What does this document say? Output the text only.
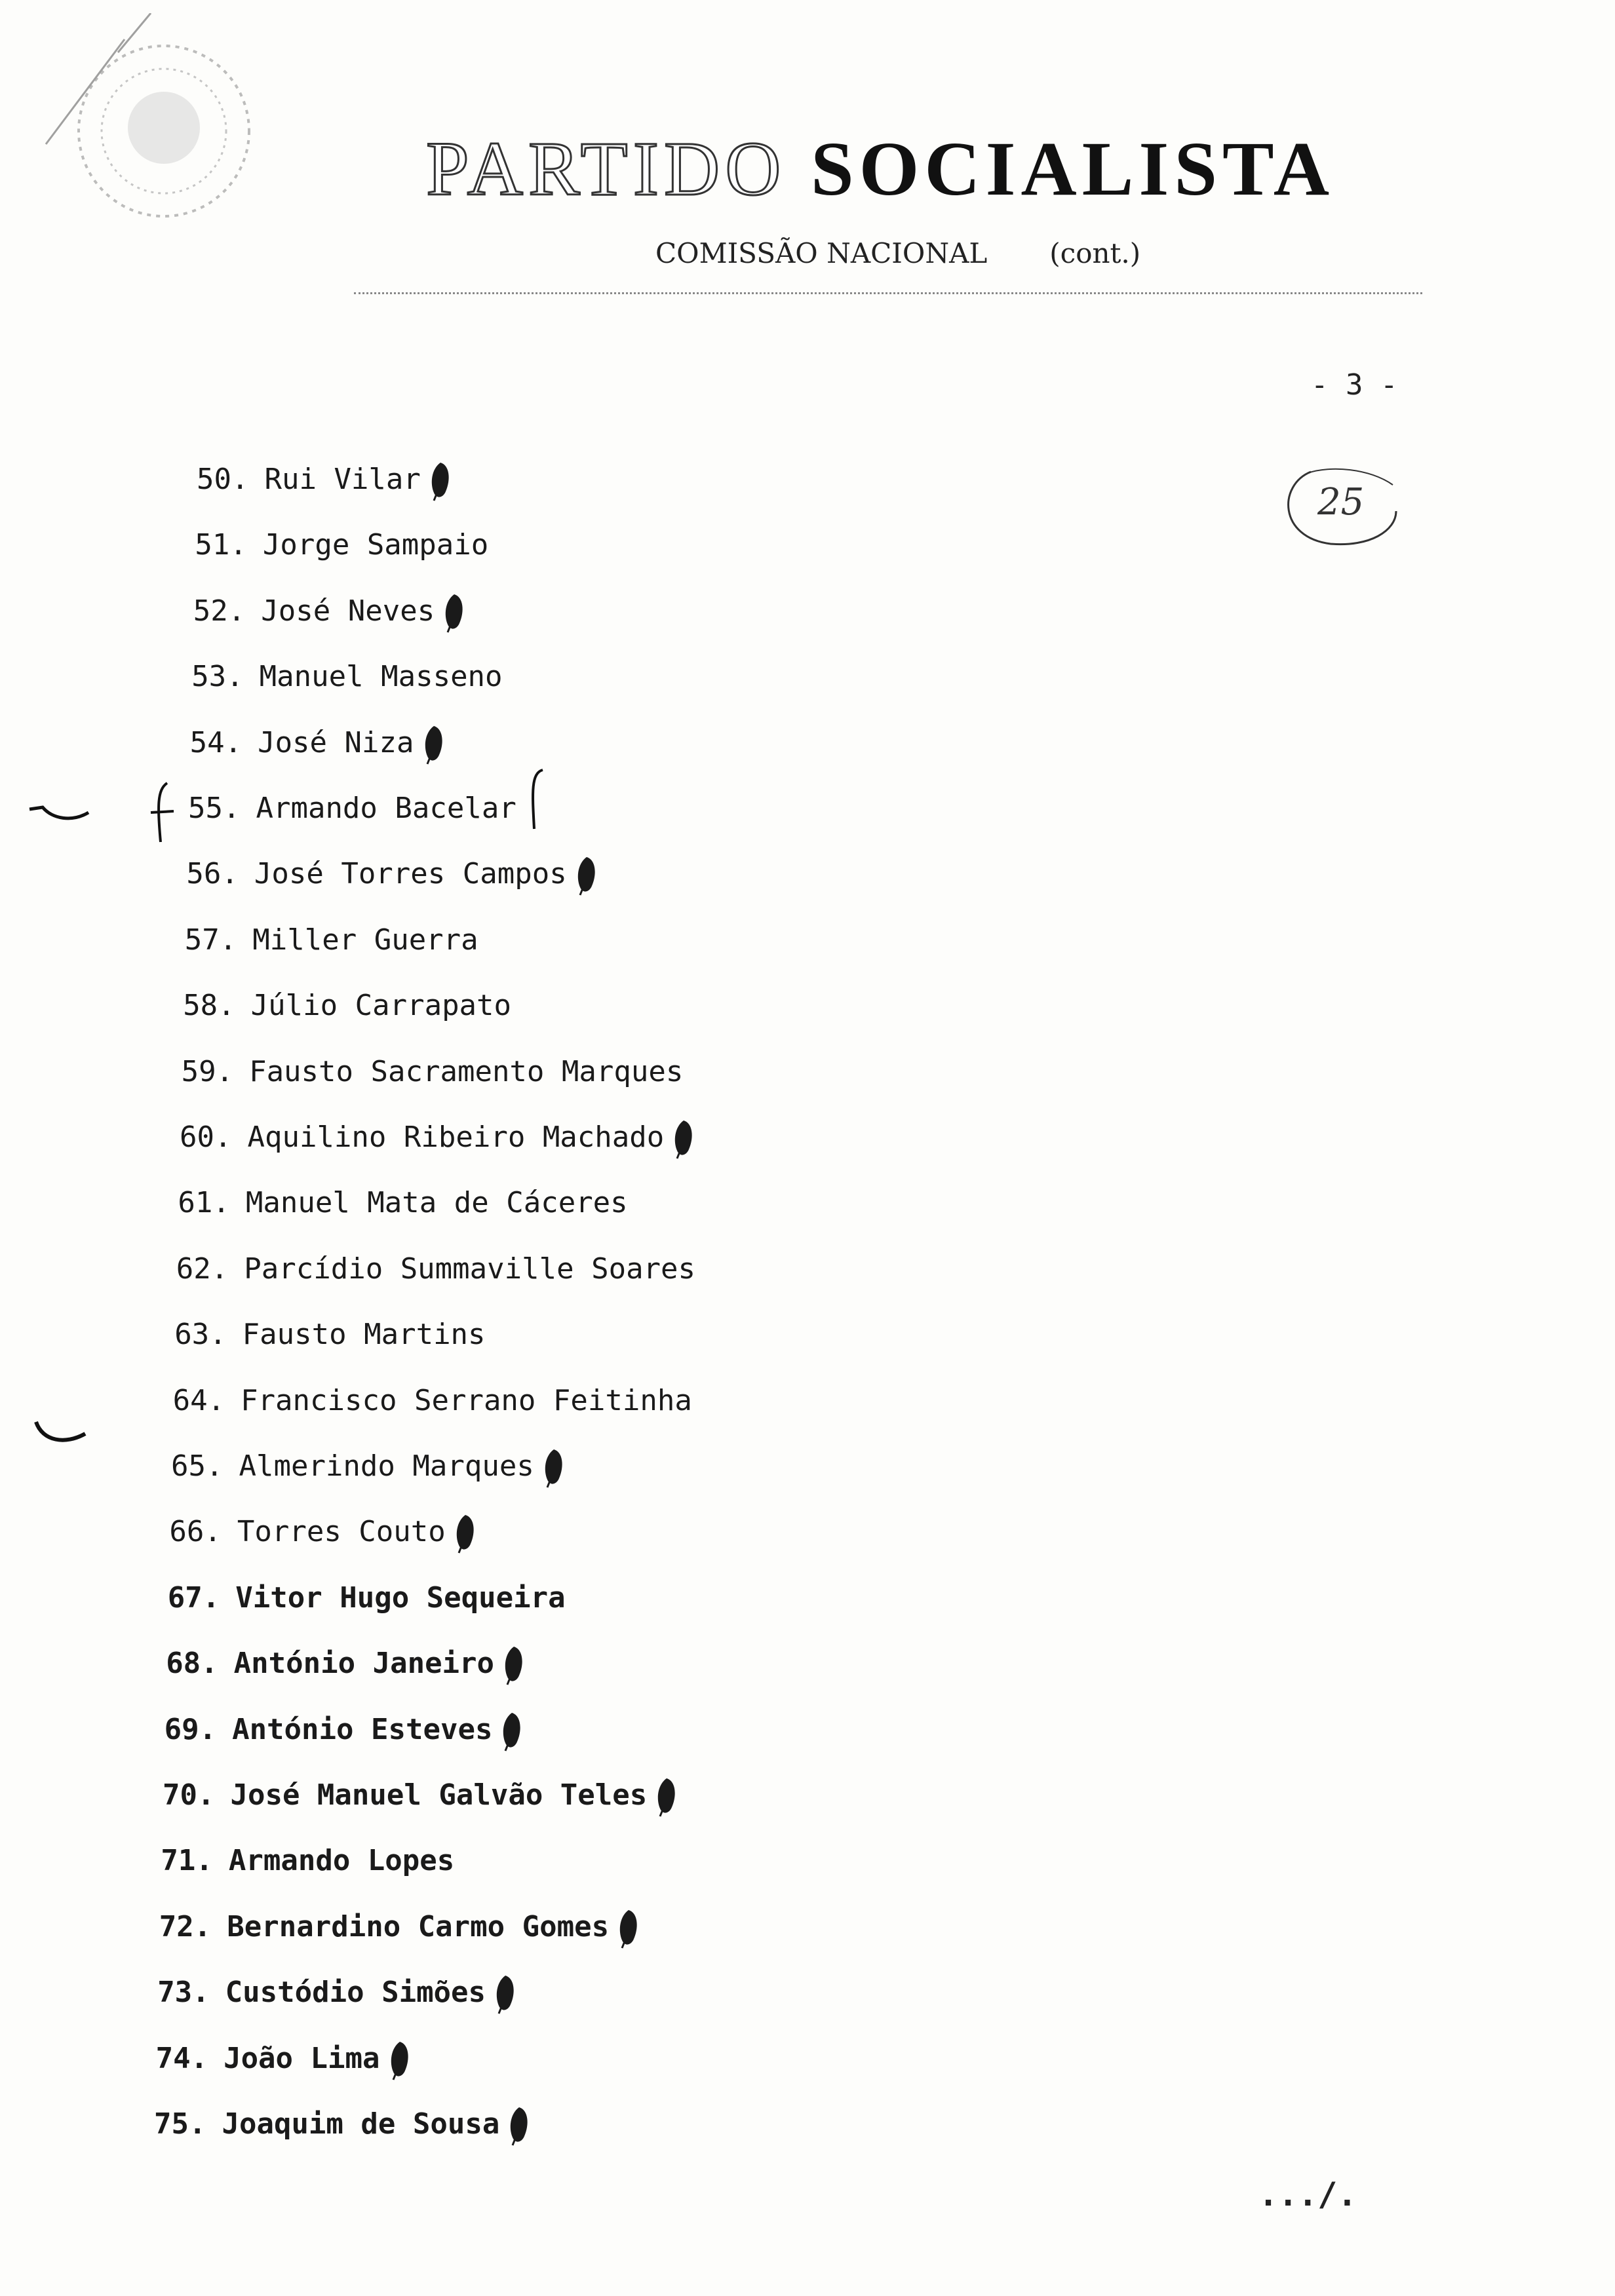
PARTIDO SOCIALISTA
COMISSÃO NACIONAL (cont.)
- 3 -
25
50. Rui Vilar
51. Jorge Sampaio
52. José Neves
53. Manuel Masseno
54. José Niza
55. Armando Bacelar
56. José Torres Campos
57. Miller Guerra
58. Júlio Carrapato
59. Fausto Sacramento Marques
60. Aquilino Ribeiro Machado
61. Manuel Mata de Cáceres
62. Parcídio Summaville Soares
63. Fausto Martins
64. Francisco Serrano Feitinha
65. Almerindo Marques
66. Torres Couto
67. Vitor Hugo Sequeira
68. António Janeiro
69. António Esteves
70. José Manuel Galvão Teles
71. Armando Lopes
72. Bernardino Carmo Gomes
73. Custódio Simões
74. João Lima
75. Joaquim de Sousa
.../.
